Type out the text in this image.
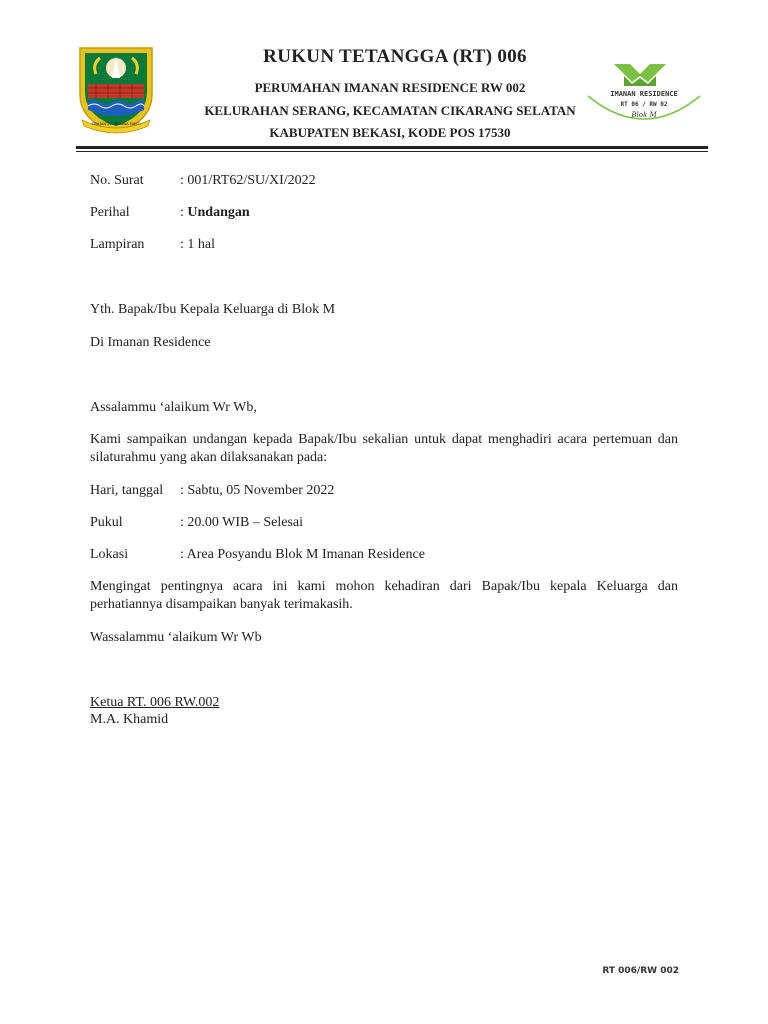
SWATANTRA WIBAWA MUKTI
RUKUN TETANGGA (RT) 006
PERUMAHAN IMANAN RESIDENCE RW 002
KELURAHAN SERANG, KECAMATAN CIKARANG SELATAN
KABUPATEN BEKASI, KODE POS 17530
IMANAN RESIDENCE
RT 06 / RW 02
Blok M
No. Surat	: 001/RT62/SU/XI/2022
Perihal	: Undangan
Lampiran	: 1 hal
Yth. Bapak/Ibu Kepala Keluarga di Blok M
Di Imanan Residence
Assalammu ‘alaikum Wr Wb,
Kami sampaikan undangan kepada Bapak/Ibu sekalian untuk dapat menghadiri acara pertemuan dan silaturahmu yang akan dilaksanakan pada:
Hari, tanggal : Sabtu, 05 November 2022
Pukul	: 20.00 WIB – Selesai
Lokasi	: Area Posyandu Blok M Imanan Residence
Mengingat pentingnya acara ini kami mohon kehadiran dari Bapak/Ibu kepala Keluarga dan perhatiannya disampaikan banyak terimakasih.
Wassalammu ‘alaikum Wr Wb
Ketua RT. 006 RW.002
M.A. Khamid
RT 006/RW 002
